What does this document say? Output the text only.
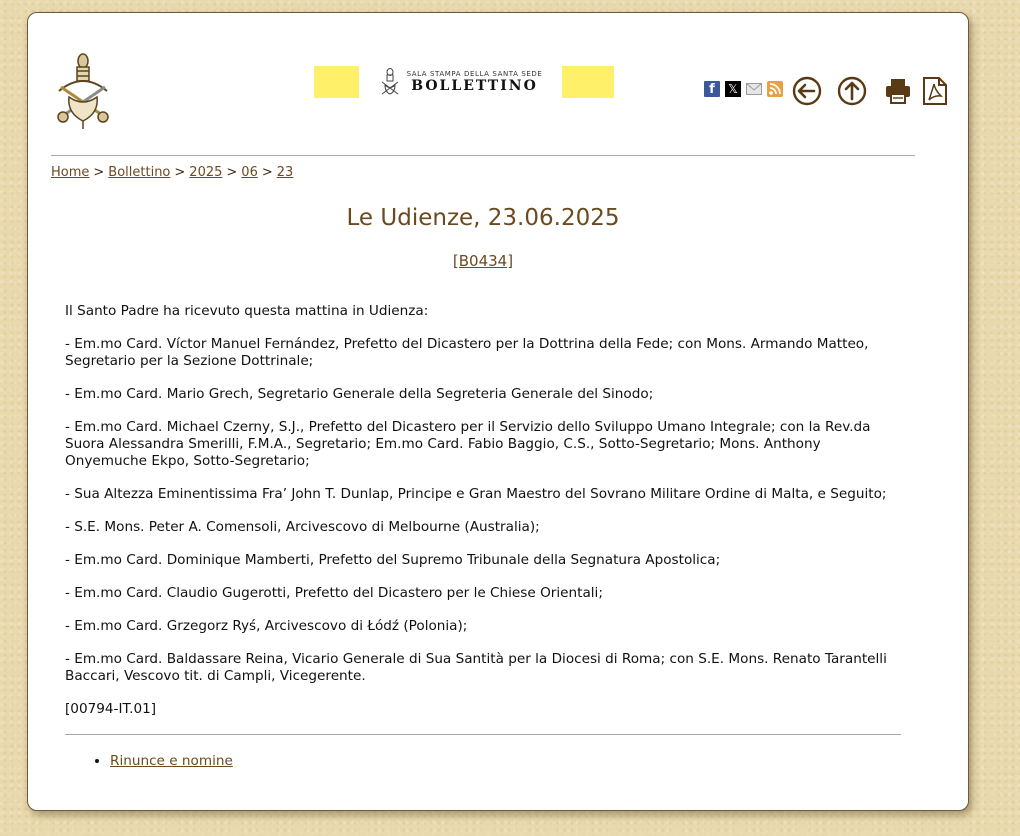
SALA STAMPA DELLA SANTA SEDE
BOLLETTINO	f	𝕏
Home > Bollettino > 2025 > 06 > 23
Le Udienze, 23.06.2025
[B0434]

Il Santo Padre ha ricevuto questa mattina in Udienza:

- Em.mo Card. Víctor Manuel Fernández, Prefetto del Dicastero per la Dottrina della Fede; con Mons. Armando Matteo, Segretario per la Sezione Dottrinale;

- Em.mo Card. Mario Grech, Segretario Generale della Segreteria Generale del Sinodo;

- Em.mo Card. Michael Czerny, S.J., Prefetto del Dicastero per il Servizio dello Sviluppo Umano Integrale; con la Rev.da Suora Alessandra Smerilli, F.M.A., Segretario; Em.mo Card. Fabio Baggio, C.S., Sotto-Segretario; Mons. Anthony Onyemuche Ekpo, Sotto-Segretario;

- Sua Altezza Eminentissima Fra’ John T. Dunlap, Principe e Gran Maestro del Sovrano Militare Ordine di Malta, e Seguito;

- S.E. Mons. Peter A. Comensoli, Arcivescovo di Melbourne (Australia);

- Em.mo Card. Dominique Mamberti, Prefetto del Supremo Tribunale della Segnatura Apostolica;

- Em.mo Card. Claudio Gugerotti, Prefetto del Dicastero per le Chiese Orientali;

- Em.mo Card. Grzegorz Ryś, Arcivescovo di Łódź (Polonia);

- Em.mo Card. Baldassare Reina, Vicario Generale di Sua Santità per la Diocesi di Roma; con S.E. Mons. Renato Tarantelli Baccari, Vescovo tit. di Campli, Vicegerente.

[00794-IT.01]

• Rinunce e nomine
